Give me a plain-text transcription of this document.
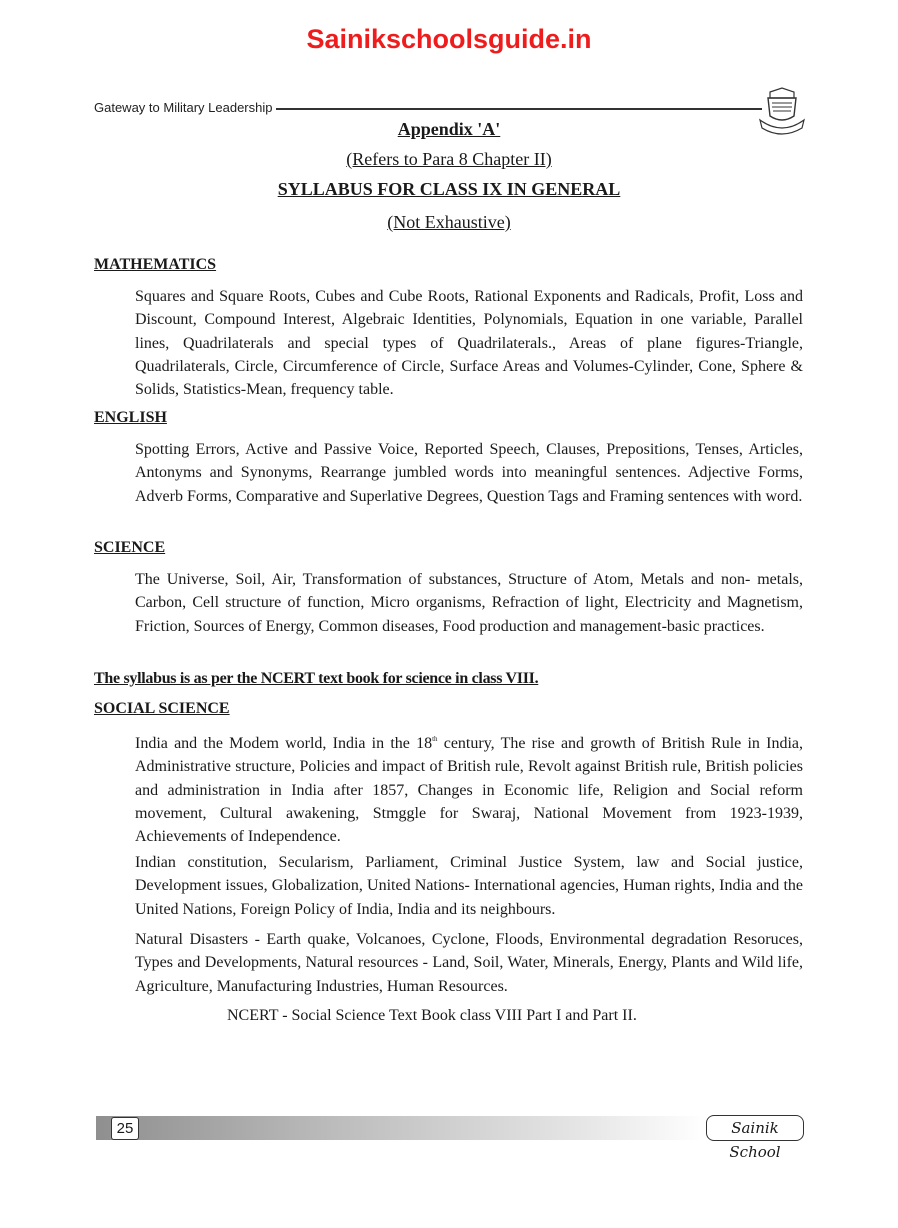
Sainikschoolsguide.in
Gateway to Military Leadership
Appendix 'A'
(Refers to Para 8 Chapter II)
SYLLABUS FOR CLASS IX IN GENERAL
(Not Exhaustive)
MATHEMATICS

Squares and Square Roots, Cubes and Cube Roots, Rational Exponents and Radicals, Profit, Loss and Discount, Compound Interest, Algebraic Identities, Polynomials, Equation in one variable, Parallel lines, Quadrilaterals and special types of Quadrilaterals., Areas of plane figures-Triangle, Quadrilaterals, Circle, Circumference of Circle, Surface Areas and Volumes-Cylinder, Cone, Sphere & Solids, Statistics-Mean, frequency table.

ENGLISH

Spotting Errors, Active and Passive Voice, Reported Speech, Clauses, Prepositions, Tenses, Articles, Antonyms and Synonyms, Rearrange jumbled words into meaningful sentences. Adjective Forms, Adverb Forms, Comparative and Superlative Degrees, Question Tags and Framing sentences with word.

SCIENCE

The Universe, Soil, Air, Transformation of substances, Structure of Atom, Metals and non- metals, Carbon, Cell structure of function, Micro organisms, Refraction of light, Electricity and Magnetism, Friction, Sources of Energy, Common diseases, Food production and management-basic practices.

The syllabus is as per the NCERT text book for science in class VIII.
SOCIAL SCIENCE

India and the Modem world, India in the 18th century, The rise and growth of British Rule in India, Administrative structure, Policies and impact of British rule, Revolt against British rule, British policies and administration in India after 1857, Changes in Economic life, Religion and Social reform movement, Cultural awakening, Stmggle for Swaraj, National Movement from 1923-1939, Achievements of Independence.

Indian constitution, Secularism, Parliament, Criminal Justice System, law and Social justice, Development issues, Globalization, United Nations- International agencies, Human rights, India and the United Nations, Foreign Policy of India, India and its neighbours.

Natural Disasters - Earth quake, Volcanoes, Cyclone, Floods, Environmental degradation Resoruces, Types and Developments, Natural resources - Land, Soil, Water, Minerals, Energy, Plants and Wild life, Agriculture, Manufacturing Industries, Human Resources.

NCERT - Social Science Text Book class VIII Part I and Part II.
25	Sainik School
